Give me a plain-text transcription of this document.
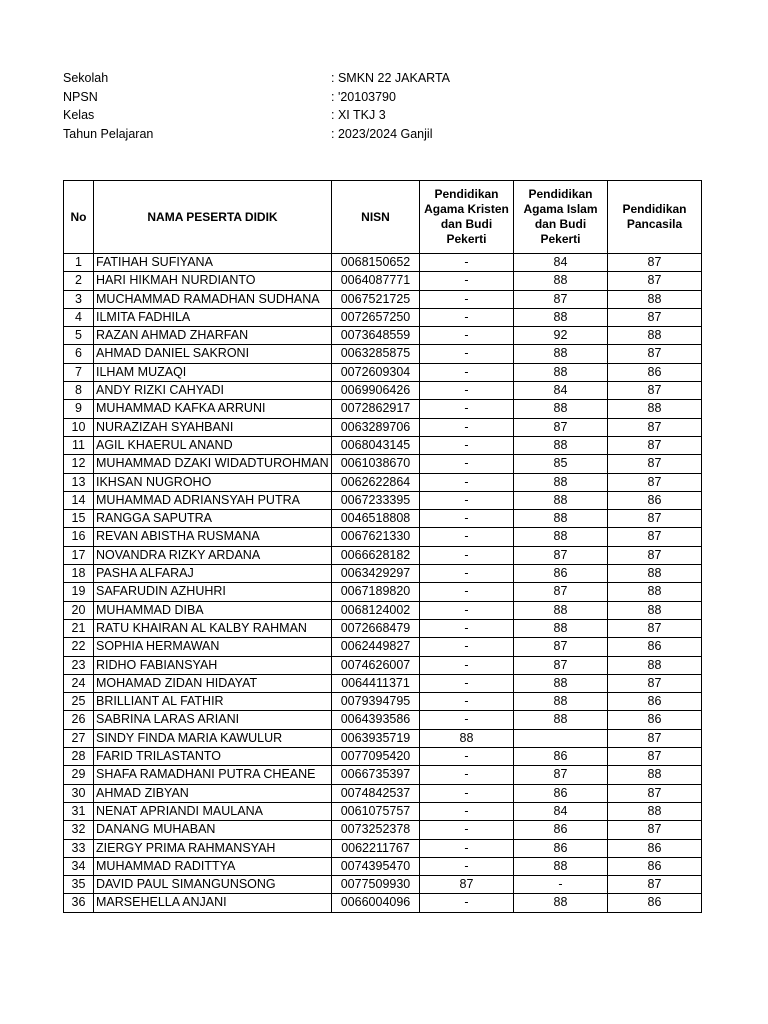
Sekolah	: SMKN 22 JAKARTA
NPSN	: '20103790
Kelas	: XI TKJ 3
Tahun Pelajaran	: 2023/2024 Ganjil
No	NAMA PESERTA DIDIK	NISN	Pendidikan Agama Kristen dan Budi Pekerti	Pendidikan Agama Islam dan Budi Pekerti	Pendidikan Pancasila
1	FATIHAH SUFIYANA	0068150652	-	84	87
2	HARI HIKMAH NURDIANTO	0064087771	-	88	87
3	MUCHAMMAD RAMADHAN SUDHANA	0067521725	-	87	88
4	ILMITA FADHILA	0072657250	-	88	87
5	RAZAN AHMAD ZHARFAN	0073648559	-	92	88
6	AHMAD DANIEL SAKRONI	0063285875	-	88	87
7	ILHAM MUZAQI	0072609304	-	88	86
8	ANDY RIZKI CAHYADI	0069906426	-	84	87
9	MUHAMMAD KAFKA ARRUNI	0072862917	-	88	88
10	NURAZIZAH SYAHBANI	0063289706	-	87	87
11	AGIL KHAERUL ANAND	0068043145	-	88	87
12	MUHAMMAD DZAKI WIDADTUROHMAN	0061038670	-	85	87
13	IKHSAN NUGROHO	0062622864	-	88	87
14	MUHAMMAD ADRIANSYAH PUTRA	0067233395	-	88	86
15	RANGGA SAPUTRA	0046518808	-	88	87
16	REVAN ABISTHA RUSMANA	0067621330	-	88	87
17	NOVANDRA RIZKY ARDANA	0066628182	-	87	87
18	PASHA ALFARAJ	0063429297	-	86	88
19	SAFARUDIN AZHUHRI	0067189820	-	87	88
20	MUHAMMAD DIBA	0068124002	-	88	88
21	RATU KHAIRAN AL KALBY RAHMAN	0072668479	-	88	87
22	SOPHIA HERMAWAN	0062449827	-	87	86
23	RIDHO FABIANSYAH	0074626007	-	87	88
24	MOHAMAD ZIDAN HIDAYAT	0064411371	-	88	87
25	BRILLIANT AL FATHIR	0079394795	-	88	86
26	SABRINA LARAS ARIANI	0064393586	-	88	86
27	SINDY FINDA MARIA KAWULUR	0063935719	88		87
28	FARID TRILASTANTO	0077095420	-	86	87
29	SHAFA RAMADHANI PUTRA CHEANE	0066735397	-	87	88
30	AHMAD ZIBYAN	0074842537	-	86	87
31	NENAT APRIANDI MAULANA	0061075757	-	84	88
32	DANANG MUHABAN	0073252378	-	86	87
33	ZIERGY PRIMA RAHMANSYAH	0062211767	-	86	86
34	MUHAMMAD RADITTYA	0074395470	-	88	86
35	DAVID PAUL SIMANGUNSONG	0077509930	87	-	87
36	MARSEHELLA ANJANI	0066004096	-	88	86
